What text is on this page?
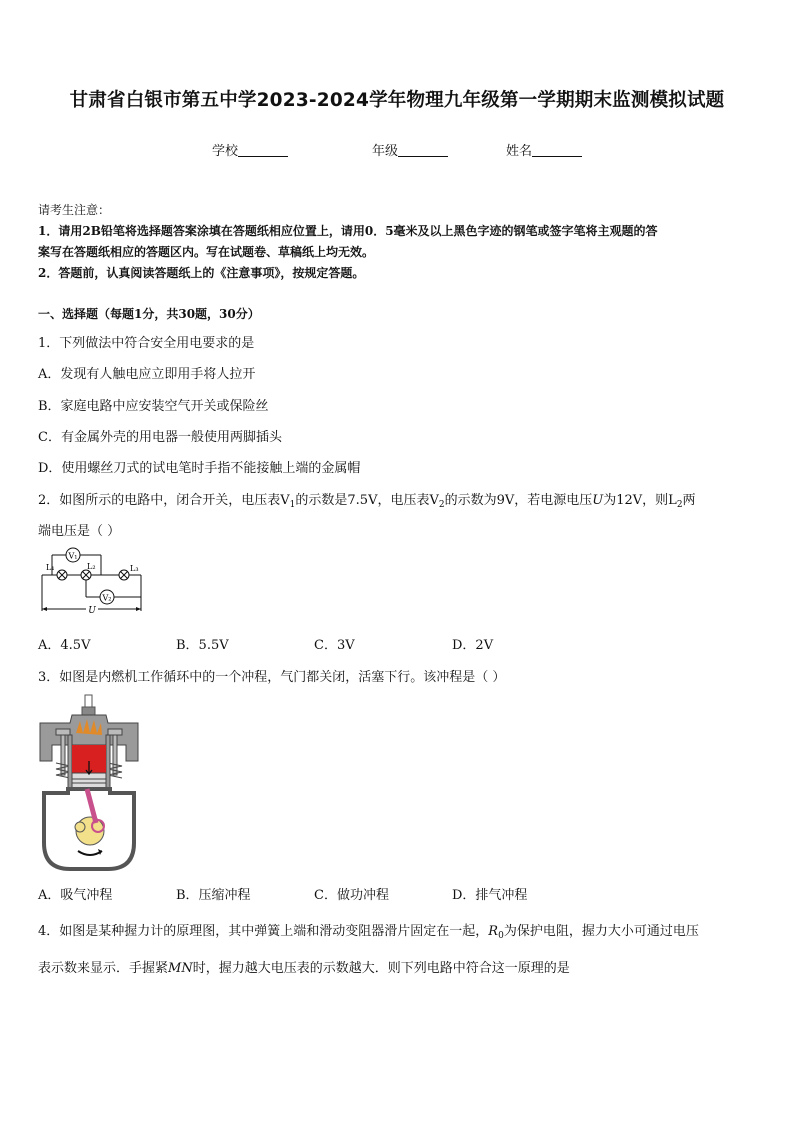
甘肃省白银市第五中学2023-2024学年物理九年级第一学期期末监测模拟试题
学校	年级	姓名
请考生注意：
1．请用2B铅笔将选择题答案涂填在答题纸相应位置上，请用0．5毫米及以上黑色字迹的钢笔或签字笔将主观题的答
案写在答题纸相应的答题区内。写在试题卷、草稿纸上均无效。
2．答题前，认真阅读答题纸上的《注意事项》，按规定答题。
一、选择题（每题1分，共30题，30分）
1．下列做法中符合安全用电要求的是
A．发现有人触电应立即用手将人拉开
B．家庭电路中应安装空气开关或保险丝
C．有金属外壳的用电器一般使用两脚插头
D．使用螺丝刀式的试电笔时手指不能接触上端的金属帽
2．如图所示的电路中，闭合开关，电压表$V_1$的示数是7.5V，电压表$V_2$的示数为9V，若电源电压U为12V，则$L_2$两
端电压是（ ）
V₁
V₂
L₁	L₂	L₃
U
A．4.5V	B．5.5V	C．3V	D．2V
3．如图是内燃机工作循环中的一个冲程，气门都关闭，活塞下行。该冲程是（ ）
A．吸气冲程	B．压缩冲程	C．做功冲程	D．排气冲程
4．如图是某种握力计的原理图，其中弹簧上端和滑动变阻器滑片固定在一起，$R_0$为保护电阻，握力大小可通过电压
表示数来显示．手握紧MN时，握力越大电压表的示数越大．则下列电路中符合这一原理的是
